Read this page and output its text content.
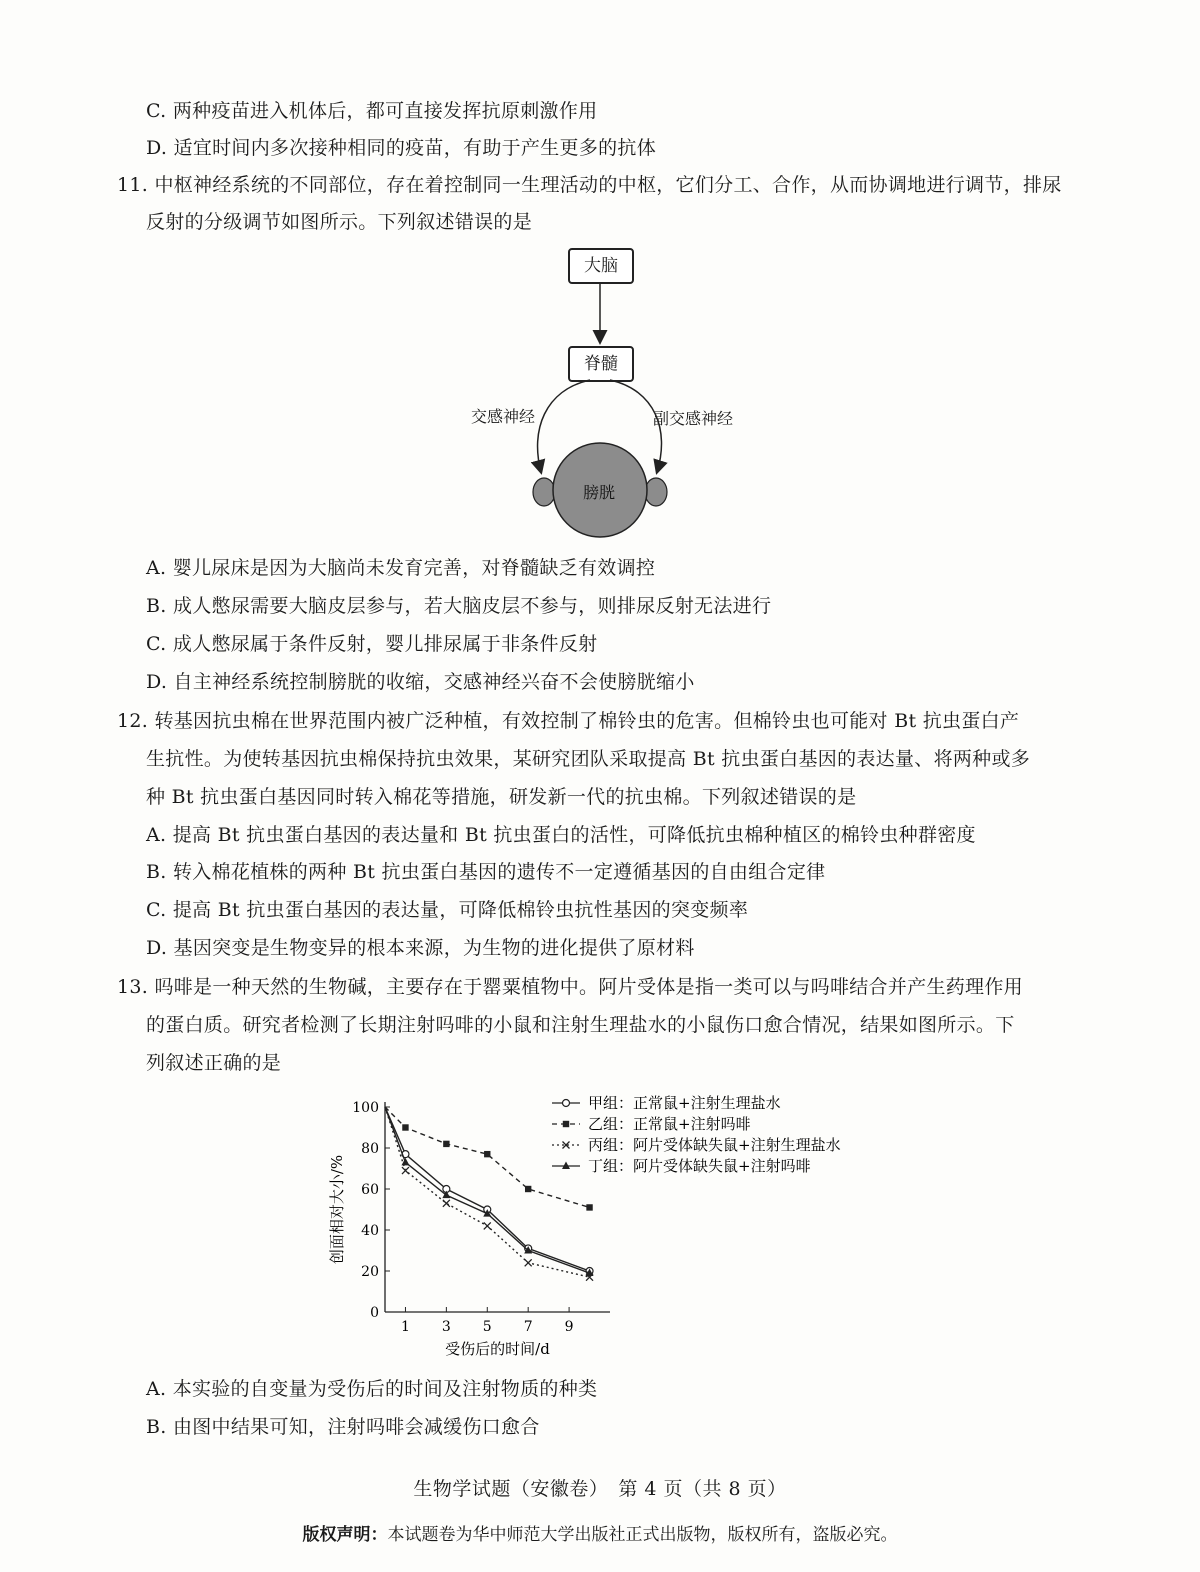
C. 两种疫苗进入机体后，都可直接发挥抗原刺激作用
D. 适宜时间内多次接种相同的疫苗，有助于产生更多的抗体
11. 中枢神经系统的不同部位，存在着控制同一生理活动的中枢，它们分工、合作，从而协调地进行调节，排尿
反射的分级调节如图所示。下列叙述错误的是
大脑
脊髓
交感神经	副交感神经
膀胱
A. 婴儿尿床是因为大脑尚未发育完善，对脊髓缺乏有效调控
B. 成人憋尿需要大脑皮层参与，若大脑皮层不参与，则排尿反射无法进行
C. 成人憋尿属于条件反射，婴儿排尿属于非条件反射
D. 自主神经系统控制膀胱的收缩，交感神经兴奋不会使膀胱缩小
12. 转基因抗虫棉在世界范围内被广泛种植，有效控制了棉铃虫的危害。但棉铃虫也可能对 Bt 抗虫蛋白产
生抗性。为使转基因抗虫棉保持抗虫效果，某研究团队采取提高 Bt 抗虫蛋白基因的表达量、将两种或多
种 Bt 抗虫蛋白基因同时转入棉花等措施，研发新一代的抗虫棉。下列叙述错误的是
A. 提高 Bt 抗虫蛋白基因的表达量和 Bt 抗虫蛋白的活性，可降低抗虫棉种植区的棉铃虫种群密度
B. 转入棉花植株的两种 Bt 抗虫蛋白基因的遗传不一定遵循基因的自由组合定律
C. 提高 Bt 抗虫蛋白基因的表达量，可降低棉铃虫抗性基因的突变频率
D. 基因突变是生物变异的根本来源，为生物的进化提供了原材料
13. 吗啡是一种天然的生物碱，主要存在于罂粟植物中。阿片受体是指一类可以与吗啡结合并产生药理作用
的蛋白质。研究者检测了长期注射吗啡的小鼠和注射生理盐水的小鼠伤口愈合情况，结果如图所示。下
列叙述正确的是
0
20
40
60
80
100
1 3 5 7 9
受伤后的时间/d
创面相对大小/%
甲组：正常鼠+注射生理盐水
乙组：正常鼠+注射吗啡
丙组：阿片受体缺失鼠+注射生理盐水
丁组：阿片受体缺失鼠+注射吗啡
A. 本实验的自变量为受伤后的时间及注射物质的种类
B. 由图中结果可知，注射吗啡会减缓伤口愈合
生物学试题（安徽卷）　第 4 页（共 8 页）
版权声明：本试题卷为华中师范大学出版社正式出版物，版权所有，盗版必究。
